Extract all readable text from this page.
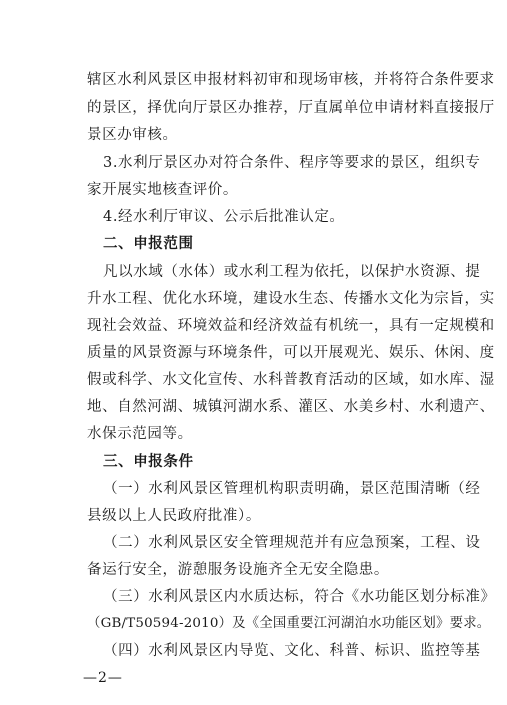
辖区水利风景区申报材料初审和现场审核，并将符合条件要求
的景区，择优向厅景区办推荐，厅直属单位申请材料直接报厅
景区办审核。
3.水利厅景区办对符合条件、程序等要求的景区，组织专
家开展实地核查评价。
4.经水利厅审议、公示后批准认定。
二、申报范围
凡以水域（水体）或水利工程为依托，以保护水资源、提
升水工程、优化水环境，建设水生态、传播水文化为宗旨，实
现社会效益、环境效益和经济效益有机统一，具有一定规模和
质量的风景资源与环境条件，可以开展观光、娱乐、休闲、度
假或科学、水文化宣传、水科普教育活动的区域，如水库、湿
地、自然河湖、城镇河湖水系、灌区、水美乡村、水利遗产、
水保示范园等。
三、申报条件
（一）水利风景区管理机构职责明确，景区范围清晰（经
县级以上人民政府批准）。
（二）水利风景区安全管理规范并有应急预案，工程、设
备运行安全，游憩服务设施齐全无安全隐患。
（三）水利风景区内水质达标，符合《水功能区划分标准》
（GB/T50594-2010）及《全国重要江河湖泊水功能区划》要求。
（四）水利风景区内导览、文化、科普、标识、监控等基
—2—
